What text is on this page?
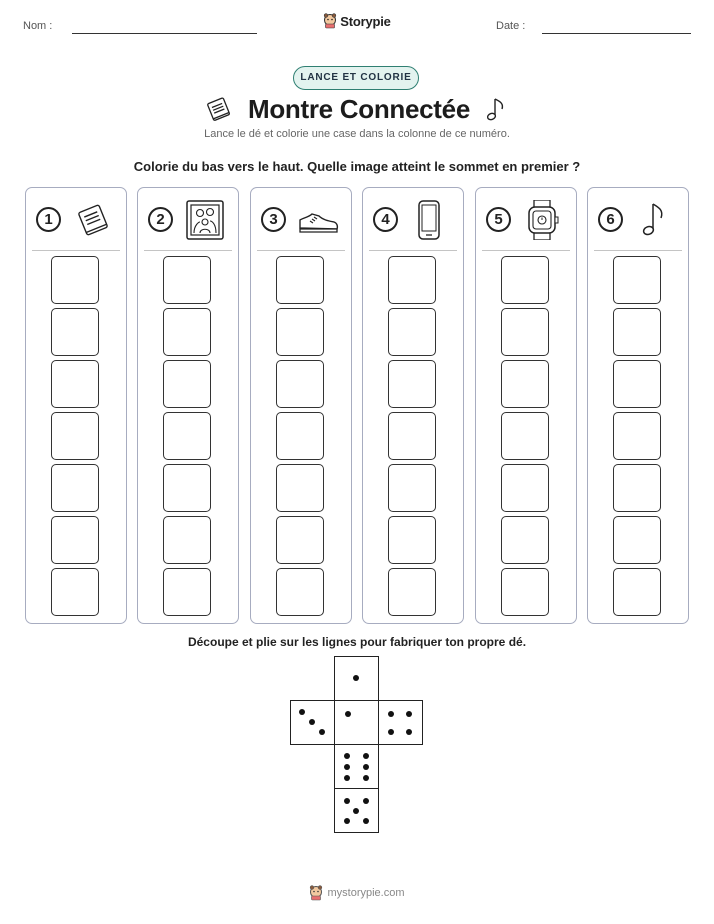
Nom :	Storypie	Date :
LANCE ET COLORIE
Montre Connectée
Lance le dé et colorie une case dans la colonne de ce numéro.
Colorie du bas vers le haut. Quelle image atteint le sommet en premier ?
1	2	3	4	5	6
Découpe et plie sur les lignes pour fabriquer ton propre dé.
mystorypie.com
